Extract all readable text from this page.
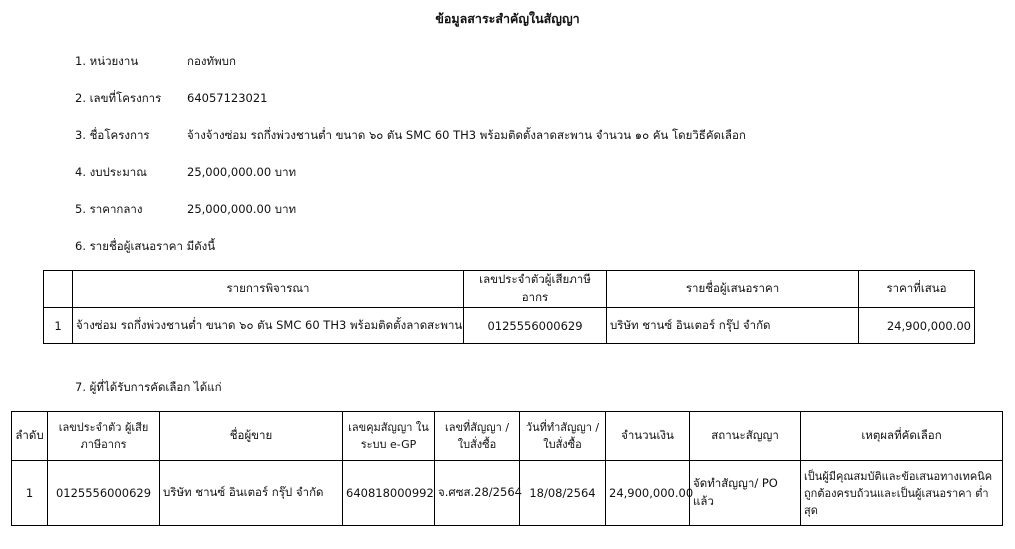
ข้อมูลสาระสำคัญในสัญญา
1. หน่วยงาน	กองทัพบก
2. เลขที่โครงการ 64057123021
3. ชื่อโครงการ	จ้างจ้างซ่อม รถกึ่งพ่วงชานต่ำ ขนาด ๖๐ ตัน SMC 60 TH3 พร้อมติดตั้งลาดสะพาน จำนวน ๑๐ คัน โดยวิธีคัดเลือก
4. งบประมาณ	25,000,000.00 บาท
5. ราคากลาง	25,000,000.00 บาท
6. รายชื่อผู้เสนอราคา มีดังนี้
	รายการพิจารณา	เลขประจำตัวผู้เสียภาษีอากร	รายชื่อผู้เสนอราคา	ราคาที่เสนอ
1	จ้างซ่อม รถกึ่งพ่วงชานต่ำ ขนาด ๖๐ ตัน SMC 60 TH3 พร้อมติดตั้งลาดสะพาน	0125556000629	บริษัท ชานซ์ อินเตอร์ กรุ๊ป จำกัด	24,900,000.00
7. ผู้ที่ได้รับการคัดเลือก ได้แก่
ลำดับ	เลขประจำตัว ผู้เสียภาษีอากร	ชื่อผู้ขาย	เลขคุมสัญญา ในระบบ e-GP	เลขที่สัญญา / ใบสั่งซื้อ	วันที่ทำสัญญา / ใบสั่งซื้อ	จำนวนเงิน	สถานะสัญญา	เหตุผลที่คัดเลือก
1	0125556000629	บริษัท ชานซ์ อินเตอร์ กรุ๊ป จำกัด	640818000992	จ.ศซส.28/2564	18/08/2564	24,900,000.00	จัดทำสัญญา/ PO แล้ว	เป็นผู้มีคุณสมบัติและข้อเสนอทางเทคนิคถูกต้องครบถ้วนและเป็นผู้เสนอราคา ต่ำสุด
